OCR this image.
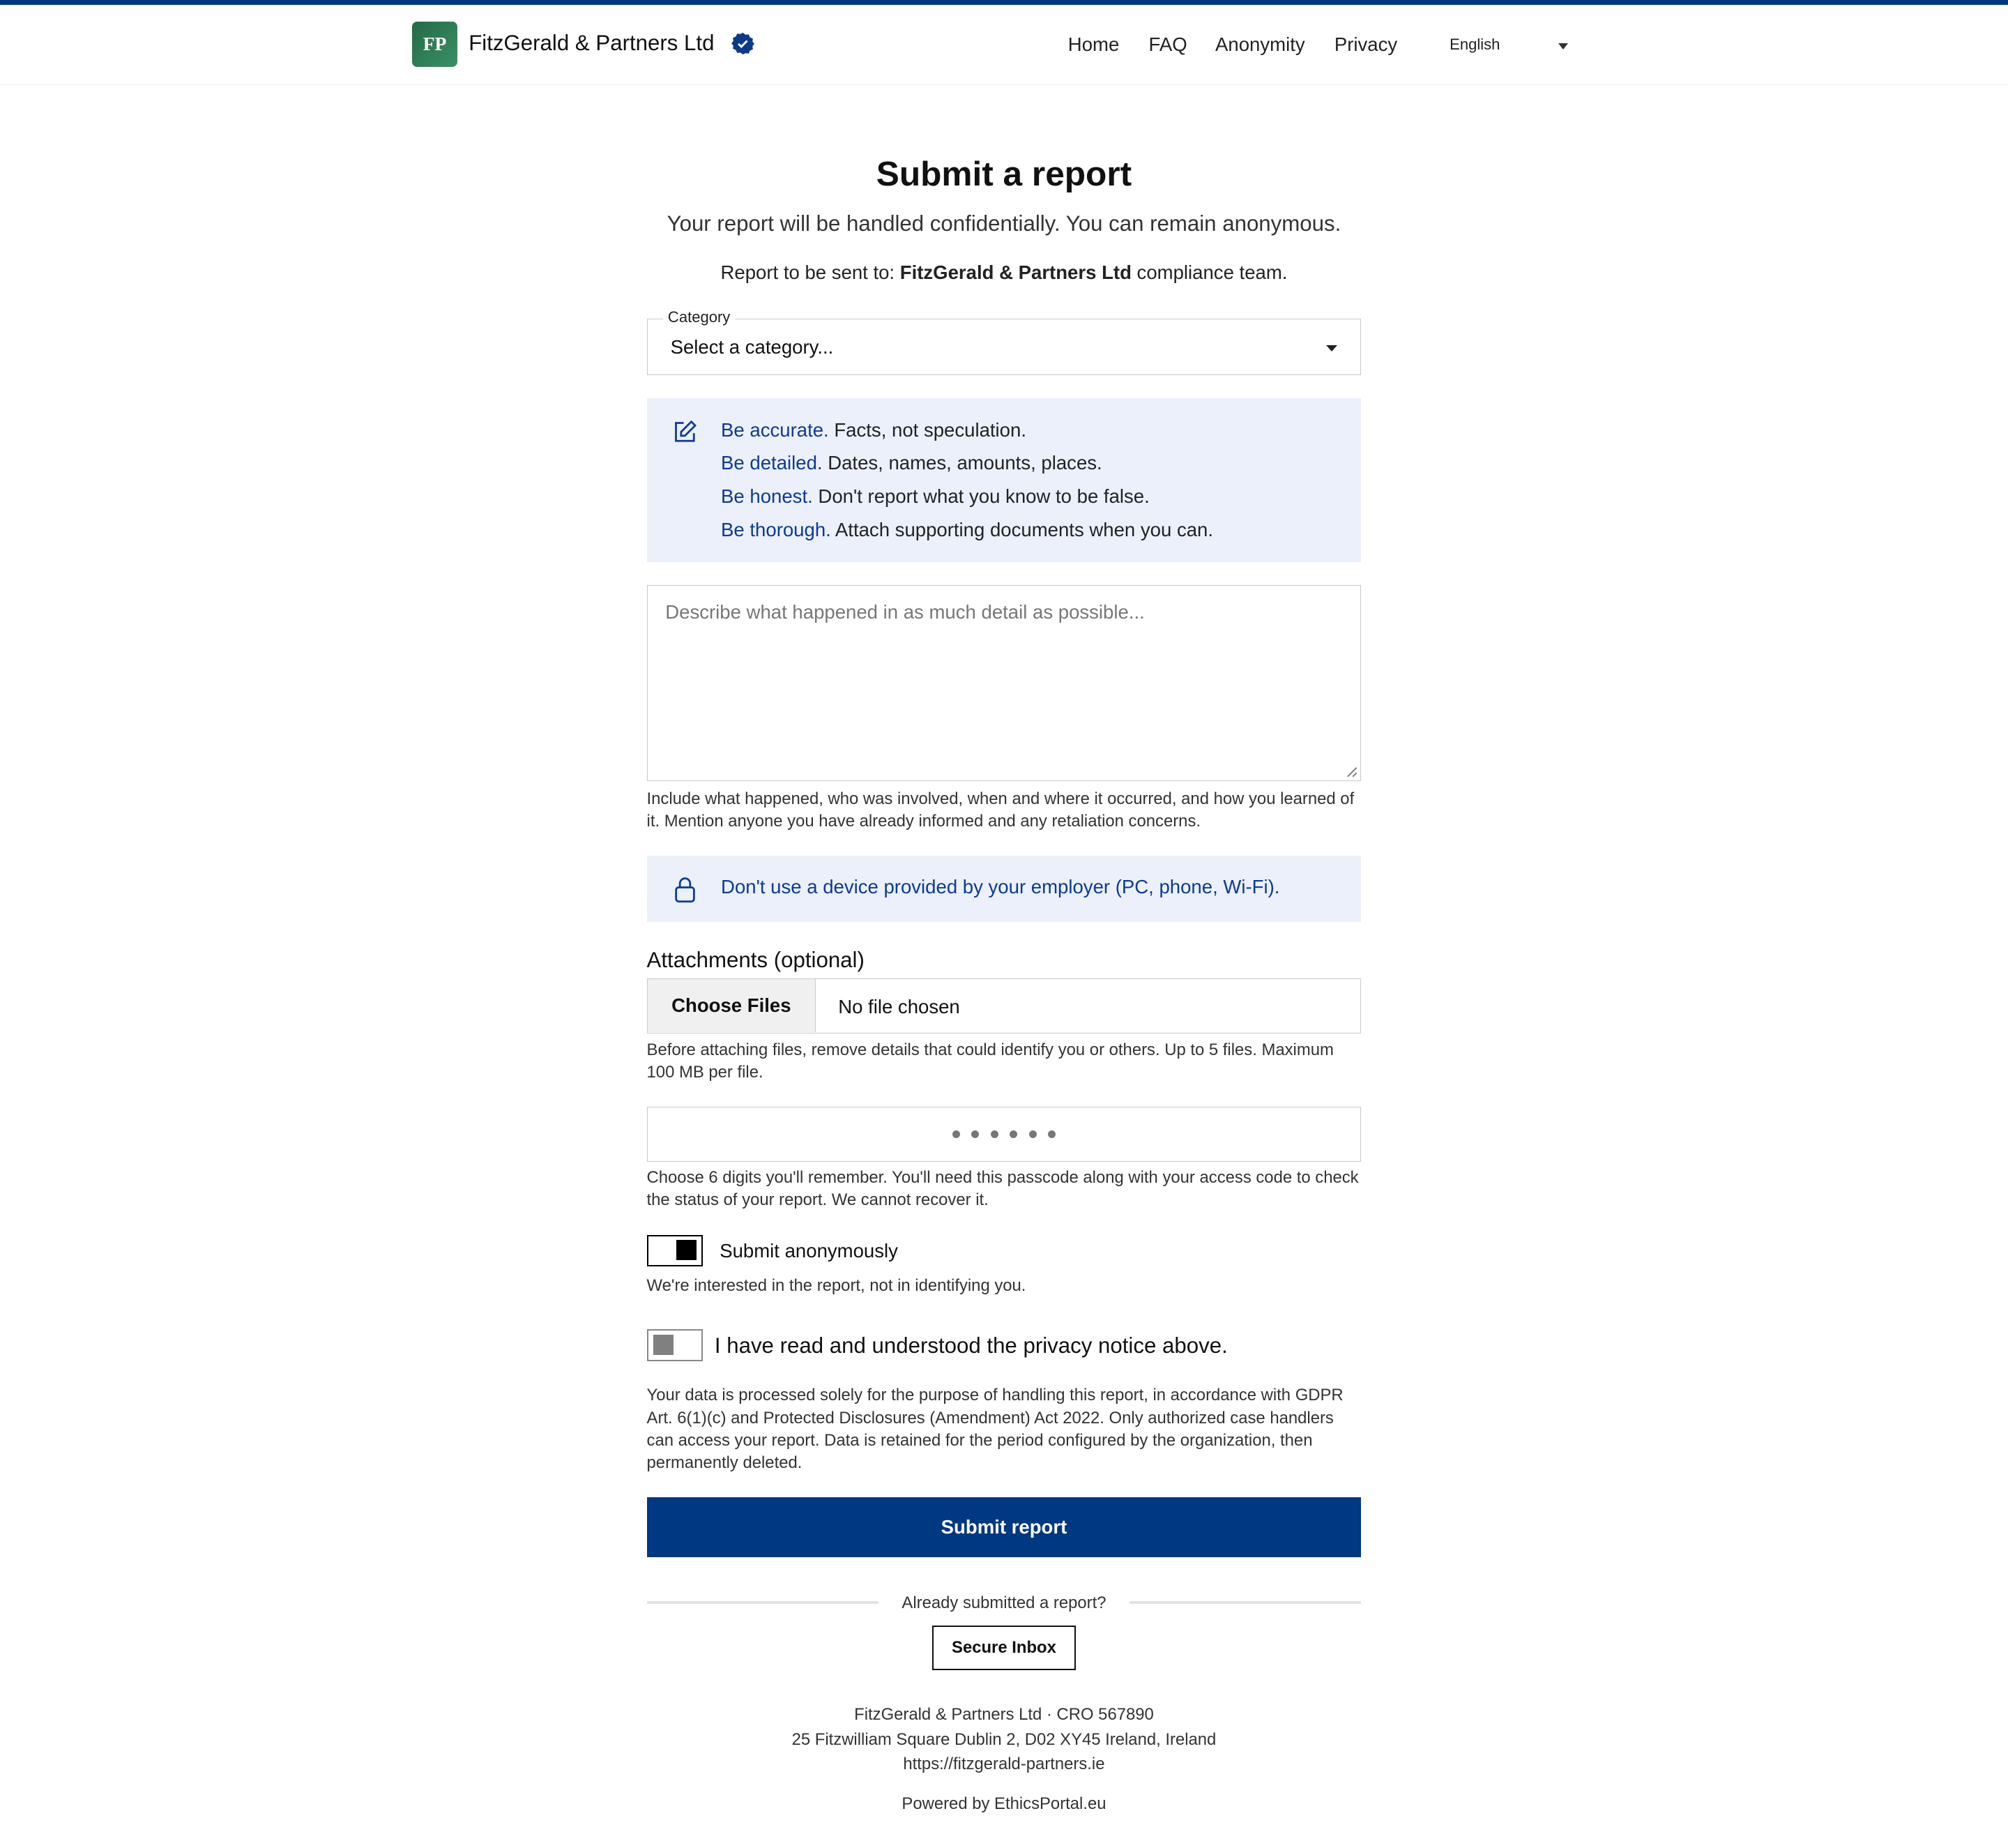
FP	FitzGerald & Partners Ltd	Home	FAQ	Anonymity	Privacy	English
Submit a report
Your report will be handled confidentially. You can remain anonymous.
Report to be sent to: FitzGerald & Partners Ltd compliance team.
Category
Select a category...
Be accurate. Facts, not speculation.
Be detailed. Dates, names, amounts, places.
Be honest. Don't report what you know to be false.
Be thorough. Attach supporting documents when you can.
Describe what happened in as much detail as possible...
Include what happened, who was involved, when and where it occurred, and how you learned of it. Mention anyone you have already informed and any retaliation concerns.
Don't use a device provided by your employer (PC, phone, Wi-Fi).
Attachments (optional)
Choose Files	No file chosen
Before attaching files, remove details that could identify you or others. Up to 5 files. Maximum 100 MB per file.
Choose 6 digits you'll remember. You'll need this passcode along with your access code to check the status of your report. We cannot recover it.
Submit anonymously
We're interested in the report, not in identifying you.
I have read and understood the privacy notice above.
Your data is processed solely for the purpose of handling this report, in accordance with GDPR Art. 6(1)(c) and Protected Disclosures (Amendment) Act 2022. Only authorized case handlers can access your report. Data is retained for the period configured by the organization, then permanently deleted.
Submit report
Already submitted a report?
Secure Inbox
FitzGerald & Partners Ltd · CRO 567890
25 Fitzwilliam Square Dublin 2, D02 XY45 Ireland, Ireland
https://fitzgerald-partners.ie
Powered by EthicsPortal.eu
